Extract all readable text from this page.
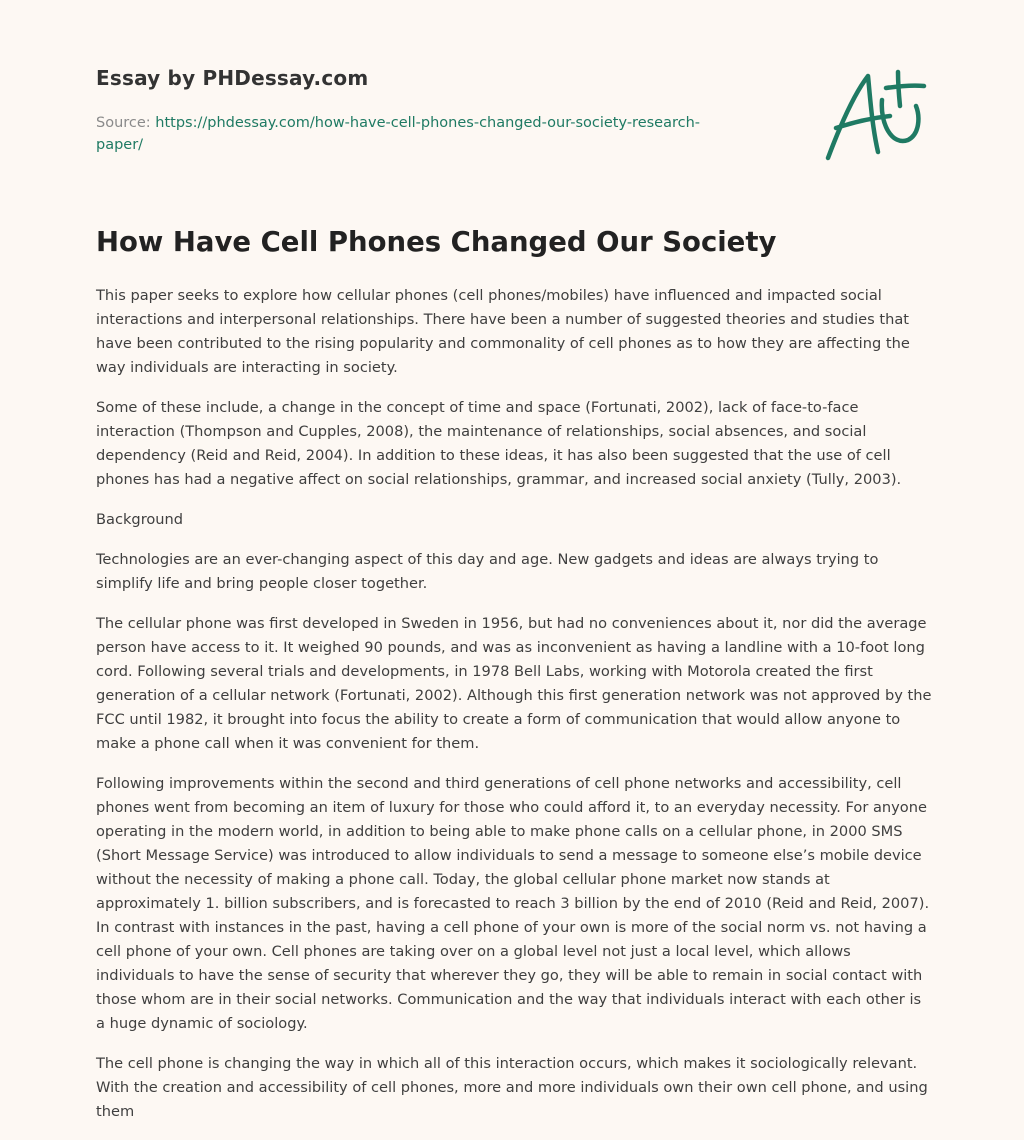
Essay by PHDessay.com
Source: https://phdessay.com/how-have-cell-phones-changed-our-society-research-paper/
How Have Cell Phones Changed Our Society

This paper seeks to explore how cellular phones (cell phones/mobiles) have influenced and impacted social interactions and interpersonal relationships. There have been a number of suggested theories and studies that have been contributed to the rising popularity and commonality of cell phones as to how they are affecting the way individuals are interacting in society.

Some of these include, a change in the concept of time and space (Fortunati, 2002), lack of face-to-face interaction (Thompson and Cupples, 2008), the maintenance of relationships, social absences, and social dependency (Reid and Reid, 2004). In addition to these ideas, it has also been suggested that the use of cell phones has had a negative affect on social relationships, grammar, and increased social anxiety (Tully, 2003).

Background

Technologies are an ever-changing aspect of this day and age. New gadgets and ideas are always trying to simplify life and bring people closer together.

The cellular phone was first developed in Sweden in 1956, but had no conveniences about it, nor did the average person have access to it. It weighed 90 pounds, and was as inconvenient as having a landline with a 10-foot long cord. Following several trials and developments, in 1978 Bell Labs, working with Motorola created the first generation of a cellular network (Fortunati, 2002). Although this first generation network was not approved by the FCC until 1982, it brought into focus the ability to create a form of communication that would allow anyone to make a phone call when it was convenient for them.

Following improvements within the second and third generations of cell phone networks and accessibility, cell phones went from becoming an item of luxury for those who could afford it, to an everyday necessity. For anyone operating in the modern world, in addition to being able to make phone calls on a cellular phone, in 2000 SMS (Short Message Service) was introduced to allow individuals to send a message to someone else’s mobile device without the necessity of making a phone call. Today, the global cellular phone market now stands at approximately 1. billion subscribers, and is forecasted to reach 3 billion by the end of 2010 (Reid and Reid, 2007). In contrast with instances in the past, having a cell phone of your own is more of the social norm vs. not having a cell phone of your own. Cell phones are taking over on a global level not just a local level, which allows individuals to have the sense of security that wherever they go, they will be able to remain in social contact with those whom are in their social networks. Communication and the way that individuals interact with each other is a huge dynamic of sociology.

The cell phone is changing the way in which all of this interaction occurs, which makes it sociologically relevant. With the creation and accessibility of cell phones, more and more individuals own their own cell phone, and using them
